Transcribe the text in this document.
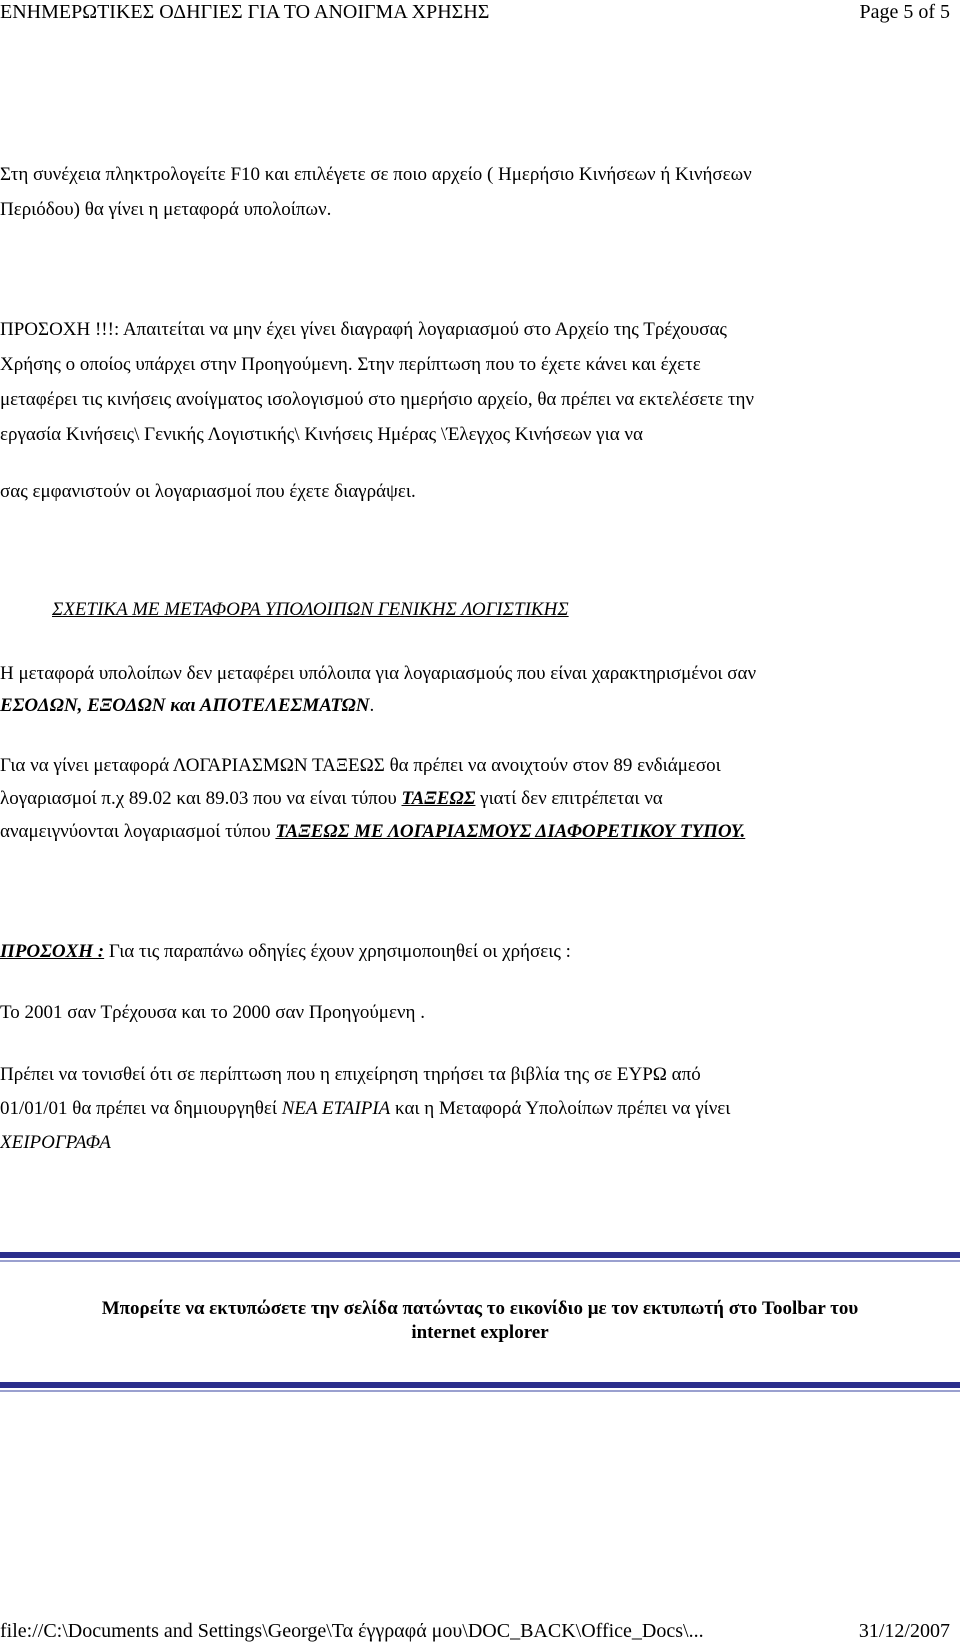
ΕΝΗΜΕΡΩΤΙΚΕΣ ΟΔΗΓΙΕΣ ΓΙΑ ΤΟ ΑΝΟΙΓΜΑ ΧΡΗΣΗΣ	Page 5 of 5
Στη συνέχεια πληκτρολογείτε F10 και επιλέγετε σε ποιο αρχείο ( Ημερήσιο Κινήσεων ή Κινήσεων
Περιόδου) θα γίνει η μεταφορά υπολοίπων.
ΠΡΟΣΟΧΗ !!!: Απαιτείται να μην έχει γίνει διαγραφή λογαριασμού στο Αρχείο της Τρέχουσας
Χρήσης ο οποίος υπάρχει στην Προηγούμενη. Στην περίπτωση που το έχετε κάνει και έχετε
μεταφέρει τις κινήσεις ανοίγματος ισολογισμού στο ημερήσιο αρχείο, θα πρέπει να εκτελέσετε την
εργασία Κινήσεις\ Γενικής Λογιστικής\ Κινήσεις Ημέρας \Έλεγχος Κινήσεων για να
σας εμφανιστούν οι λογαριασμοί που έχετε διαγράψει.
ΣΧΕΤΙΚΑ ΜΕ ΜΕΤΑΦΟΡΑ ΥΠΟΛΟΙΠΩΝ ΓΕΝΙΚΗΣ ΛΟΓΙΣΤΙΚΗΣ
Η μεταφορά υπολοίπων δεν μεταφέρει υπόλοιπα για λογαριασμούς που είναι χαρακτηρισμένοι σαν
ΕΣΟΔΩΝ, ΕΞΟΔΩΝ και ΑΠΟΤΕΛΕΣΜΑΤΩΝ.
Για να γίνει μεταφορά ΛΟΓΑΡΙΑΣΜΩΝ ΤΑΞΕΩΣ θα πρέπει να ανοιχτούν στον 89 ενδιάμεσοι
λογαριασμοί π.χ 89.02 και 89.03 που να είναι τύπου ΤΑΞΕΩΣ γιατί δεν επιτρέπεται να
αναμειγνύονται λογαριασμοί τύπου ΤΑΞΕΩΣ ΜΕ ΛΟΓΑΡΙΑΣΜΟΥΣ ΔΙΑΦΟΡΕΤΙΚΟΥ ΤΥΠΟΥ.
ΠΡΟΣΟΧΗ : Για τις παραπάνω οδηγίες έχουν χρησιμοποιηθεί οι χρήσεις :
Το 2001 σαν Τρέχουσα και το 2000 σαν Προηγούμενη .
Πρέπει να τονισθεί ότι σε περίπτωση που η επιχείρηση τηρήσει τα βιβλία της σε ΕΥΡΩ από
01/01/01 θα πρέπει να δημιουργηθεί ΝΕΑ ΕΤΑΙΡΙΑ και η Μεταφορά Υπολοίπων πρέπει να γίνει
ΧΕΙΡΟΓΡΑΦΑ
Μπορείτε να εκτυπώσετε την σελίδα πατώντας το εικονίδιο με τον εκτυπωτή στο Toolbar του
internet explorer
file://C:\Documents and Settings\George\Τα έγγραφά μου\DOC_BACK\Office_Docs\...	31/12/2007
